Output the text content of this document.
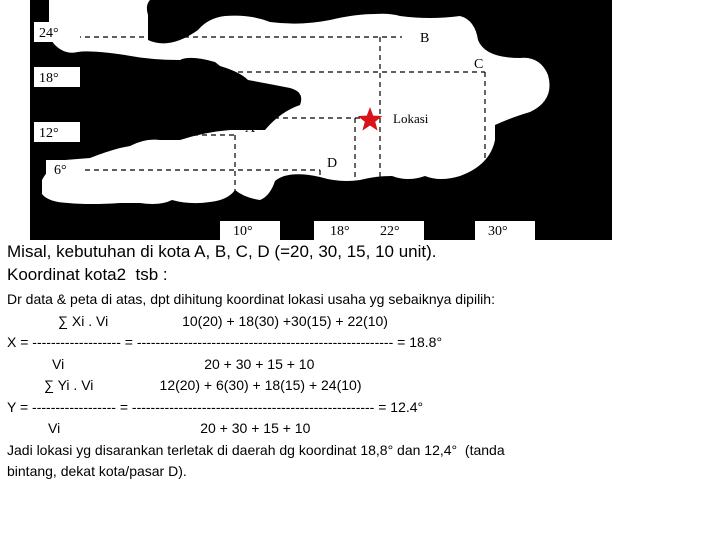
24°
18°
12°
6°
10°	18° 22°	30°
A
B
C
D
Lokasi
Misal, kebutuhan di kota A, B, C, D (=20, 30, 15, 10 unit).
Koordinat kota2  tsb :
Dr data & peta di atas, dpt dihitung koordinat lokasi usaha yg sebaiknya dipilih:
∑ Xi . Vi                   10(20) + 18(30) +30(15) + 22(10)
X = ------------------- = ------------------------------------------------------- = 18.8°
Vi                                    20 + 30 + 15 + 10
∑ Yi . Vi                 12(20) + 6(30) + 18(15) + 24(10)
Y = ------------------ = ---------------------------------------------------- = 12.4°
Vi                                    20 + 30 + 15 + 10
Jadi lokasi yg disarankan terletak di daerah dg koordinat 18,8° dan 12,4°  (tanda
bintang, dekat kota/pasar D).
